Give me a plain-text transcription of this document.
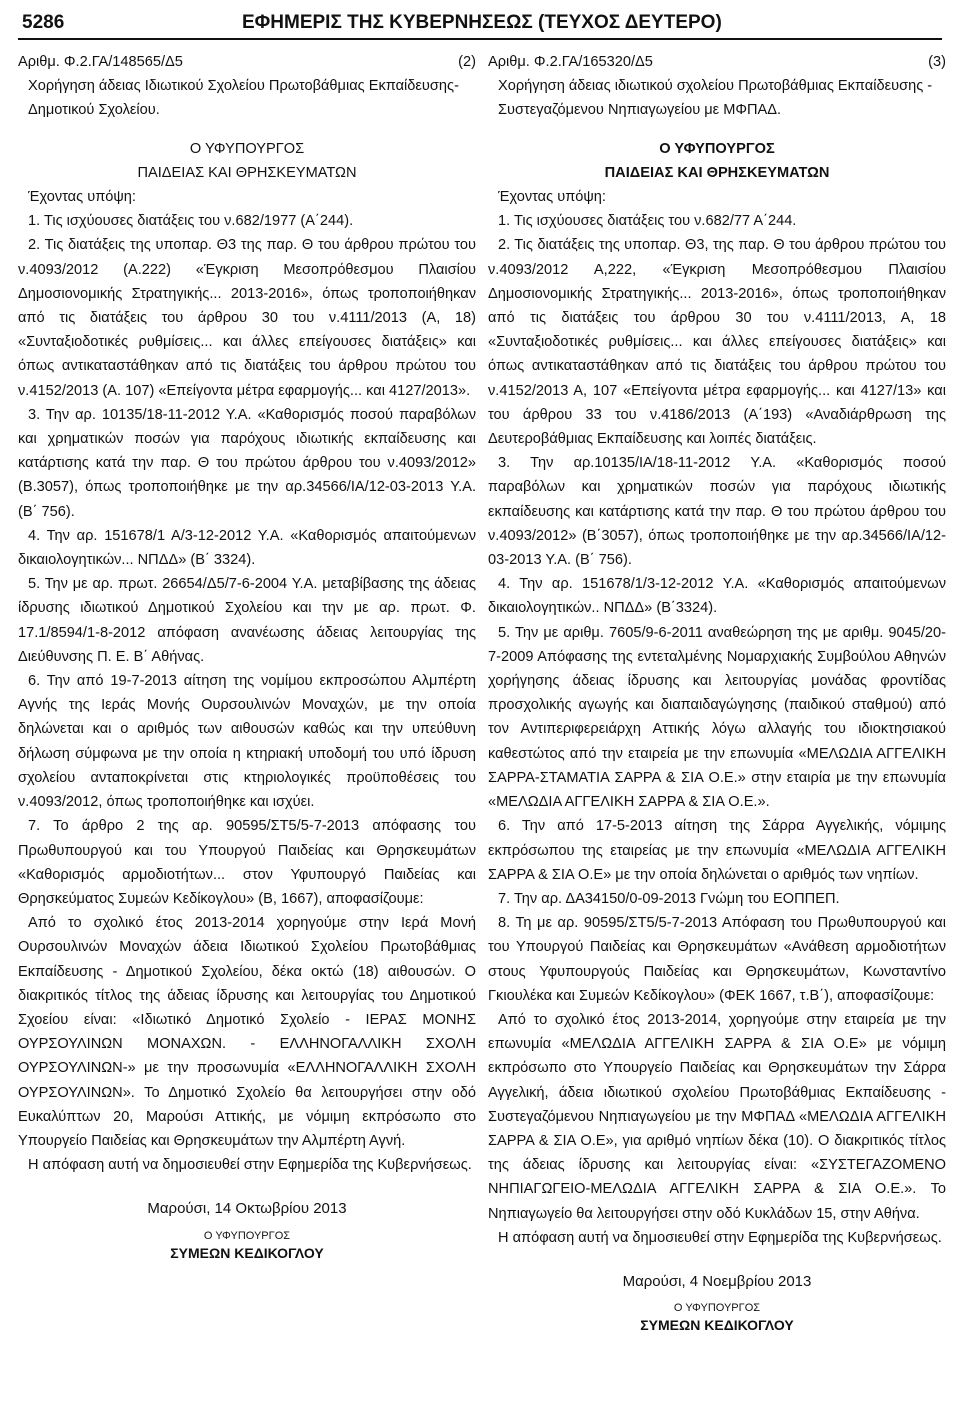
5286	ΕΦΗΜΕΡΙΣ ΤΗΣ ΚΥΒΕΡΝΗΣΕΩΣ (ΤΕΥΧΟΣ ΔΕΥΤΕΡΟ)
Αριθμ. Φ.2.ΓΑ/148565/Δ5	(2)

Χορήγηση άδειας Ιδιωτικού Σχολείου Πρωτοβάθμιας Εκπαίδευσης- Δημοτικού Σχολείου.

Ο ΥΦΥΠΟΥΡΓΟΣ

ΠΑΙΔΕΙΑΣ ΚΑΙ ΘΡΗΣΚΕΥΜΑΤΩΝ

Έχοντας υπόψη:

1. Τις ισχύουσες διατάξεις του ν.682/1977 (Α΄244).

2. Τις διατάξεις της υποπαρ. Θ3 της παρ. Θ του άρθρου πρώτου του ν.4093/2012 (Α.222) «Έγκριση Μεσοπρόθεσμου Πλαισίου Δημοσιονομικής Στρατηγικής... 2013-2016», όπως τροποποιήθηκαν από τις διατάξεις του άρθρου 30 του ν.4111/2013 (Α, 18) «Συνταξιοδοτικές ρυθμίσεις... και άλλες επείγουσες διατάξεις» και όπως αντικαταστάθηκαν από τις διατάξεις του άρθρου πρώτου του ν.4152/2013 (Α. 107) «Επείγοντα μέτρα εφαρμογής... και 4127/2013».

3. Την αρ. 10135/18-11-2012 Υ.Α. «Καθορισμός ποσού παραβόλων και χρηματικών ποσών για παρόχους ιδιωτικής εκπαίδευσης και κατάρτισης κατά την παρ. Θ του πρώτου άρθρου του ν.4093/2012» (Β.3057), όπως τροποποιήθηκε με την αρ.34566/ΙΑ/12-03-2013 Υ.Α. (Β΄ 756).

4. Την αρ. 151678/1 Α/3-12-2012 Υ.Α. «Καθορισμός απαιτούμενων δικαιολογητικών... ΝΠΔΔ» (Β΄ 3324).

5. Την με αρ. πρωτ. 26654/Δ5/7-6-2004 Υ.Α. μεταβίβασης της άδειας ίδρυσης ιδιωτικού Δημοτικού Σχολείου και την με αρ. πρωτ. Φ. 17.1/8594/1-8-2012 απόφαση ανανέωσης άδειας λειτουργίας της Διεύθυνσης Π. Ε. Β΄ Αθήνας.

6. Την από 19-7-2013 αίτηση της νομίμου εκπροσώπου Αλμπέρτη Αγνής της Ιεράς Μονής Ουρσουλινών Μοναχών, με την οποία δηλώνεται και ο αριθμός των αιθουσών καθώς και την υπεύθυνη δήλωση σύμφωνα με την οποία η κτηριακή υποδομή του υπό ίδρυση σχολείου ανταποκρίνεται στις κτηριολογικές προϋποθέσεις του ν.4093/2012, όπως τροποποιήθηκε και ισχύει.

7. Το άρθρο 2 της αρ. 90595/ΣΤ5/5-7-2013 απόφασης του Πρωθυπουργού και του Υπουργού Παιδείας και Θρησκευμάτων «Καθορισμός αρμοδιοτήτων... στον Υφυπουργό Παιδείας και Θρησκεύματος Συμεών Κεδίκογλου» (Β, 1667), αποφασίζουμε:

Από το σχολικό έτος 2013-2014 χορηγούμε στην Ιερά Μονή Ουρσουλινών Μοναχών άδεια Ιδιωτικού Σχολείου Πρωτοβάθμιας Εκπαίδευσης - Δημοτικού Σχολείου, δέκα οκτώ (18) αιθουσών. Ο διακριτικός τίτλος της άδειας ίδρυσης και λειτουργίας του Δημοτικού Σχοείου είναι: «Ιδιωτικό Δημοτικό Σχολείο - ΙΕΡΑΣ ΜΟΝΗΣ ΟΥΡΣΟΥΛΙΝΩΝ ΜΟΝΑΧΩΝ. - ΕΛΛΗΝΟΓΑΛΛΙΚΗ ΣΧΟΛΗ ΟΥΡΣΟΥΛΙΝΩΝ-» με την προσωνυμία «ΕΛΛΗΝΟΓΑΛΛΙΚΗ ΣΧΟΛΗ ΟΥΡΣΟΥΛΙΝΩΝ». Το Δημοτικό Σχολείο θα λειτουργήσει στην οδό Ευκαλύπτων 20, Μαρούσι Αττικής, με νόμιμη εκπρόσωπο στο Υπουργείο Παιδείας και Θρησκευμάτων την Αλμπέρτη Αγνή.

Η απόφαση αυτή να δημοσιευθεί στην Εφημερίδα της Κυβερνήσεως.

Μαρούσι, 14 Οκτωβρίου 2013
Ο ΥΦΥΠΟΥΡΓΟΣ
ΣΥΜΕΩΝ ΚΕΔΙΚΟΓΛΟΥ
Αριθμ. Φ.2.ΓΑ/165320/Δ5	(3)

Χορήγηση άδειας ιδιωτικού σχολείου Πρωτοβάθμιας Εκπαίδευσης - Συστεγαζόμενου Νηπιαγωγείου με ΜΦΠΑΔ.

Ο ΥΦΥΠΟΥΡΓΟΣ

ΠΑΙΔΕΙΑΣ ΚΑΙ ΘΡΗΣΚΕΥΜΑΤΩΝ

Έχοντας υπόψη:

1. Τις ισχύουσες διατάξεις του ν.682/77 Α΄244.

2. Τις διατάξεις της υποπαρ. Θ3, της παρ. Θ του άρθρου πρώτου του ν.4093/2012 Α,222, «Έγκριση Μεσοπρόθεσμου Πλαισίου Δημοσιονομικής Στρατηγικής... 2013-2016», όπως τροποποιήθηκαν από τις διατάξεις του άρθρου 30 του ν.4111/2013, Α, 18 «Συνταξιοδοτικές ρυθμίσεις... και άλλες επείγουσες διατάξεις» και όπως αντικαταστάθηκαν από τις διατάξεις του άρθρου πρώτου του ν.4152/2013 Α, 107 «Επείγοντα μέτρα εφαρμογής... και 4127/13» και του άρθρου 33 του ν.4186/2013 (Α΄193) «Αναδιάρθρωση της Δευτεροβάθμιας Εκπαίδευσης και λοιπές διατάξεις.

3. Την αρ.10135/ΙΑ/18-11-2012 Υ.Α. «Καθορισμός ποσού παραβόλων και χρηματικών ποσών για παρόχους ιδιωτικής εκπαίδευσης και κατάρτισης κατά την παρ. Θ του πρώτου άρθρου του ν.4093/2012» (Β΄3057), όπως τροποποιήθηκε με την αρ.34566/ΙΑ/12-03-2013 Υ.Α. (Β΄ 756).

4. Την αρ. 151678/1/3-12-2012 Υ.Α. «Καθορισμός απαιτούμενων δικαιολογητικών.. ΝΠΔΔ» (Β΄3324).

5. Την με αριθμ. 7605/9-6-2011 αναθεώρηση της με αριθμ. 9045/20-7-2009 Απόφασης της εντεταλμένης Νομαρχιακής Συμβούλου Αθηνών χορήγησης άδειας ίδρυσης και λειτουργίας μονάδας φροντίδας προσχολικής αγωγής και διαπαιδαγώγησης (παιδικού σταθμού) από τον Αντιπεριφερειάρχη Αττικής λόγω αλλαγής του ιδιοκτησιακού καθεστώτος από την εταιρεία με την επωνυμία «ΜΕΛΩΔΙΑ ΑΓΓΕΛΙΚΗ ΣΑΡΡΑ-ΣΤΑΜΑΤΙΑ ΣΑΡΡΑ & ΣΙΑ Ο.Ε.» στην εταιρία με την επωνυμία «ΜΕΛΩΔΙΑ ΑΓΓΕΛΙΚΗ ΣΑΡΡΑ & ΣΙΑ Ο.Ε.».

6. Την από 17-5-2013 αίτηση της Σάρρα Αγγελικής, νόμιμης εκπρόσωπου της εταιρείας με την επωνυμία «ΜΕΛΩΔΙΑ ΑΓΓΕΛΙΚΗ ΣΑΡΡΑ & ΣΙΑ Ο.Ε» με την οποία δηλώνεται ο αριθμός των νηπίων.

7. Την αρ. ΔΑ34150/0-09-2013 Γνώμη του ΕΟΠΠΕΠ.

8. Τη με αρ. 90595/ΣΤ5/5-7-2013 Απόφαση του Πρωθυπουργού και του Υπουργού Παιδείας και Θρησκευμάτων «Ανάθεση αρμοδιοτήτων στους Υφυπουργούς Παιδείας και Θρησκευμάτων, Κωνσταντίνο Γκιουλέκα και Συμεών Κεδίκογλου» (ΦΕΚ 1667, τ.Β΄), αποφασίζουμε:

Από το σχολικό έτος 2013-2014, χορηγούμε στην εταιρεία με την επωνυμία «ΜΕΛΩΔΙΑ ΑΓΓΕΛΙΚΗ ΣΑΡΡΑ & ΣΙΑ Ο.Ε» με νόμιμη εκπρόσωπο στο Υπουργείο Παιδείας και Θρησκευμάτων την Σάρρα Αγγελική, άδεια ιδιωτικού σχολείου Πρωτοβάθμιας Εκπαίδευσης - Συστεγαζόμενου Νηπιαγωγείου με την ΜΦΠΑΔ «ΜΕΛΩΔΙΑ ΑΓΓΕΛΙΚΗ ΣΑΡΡΑ & ΣΙΑ Ο.Ε», για αριθμό νηπίων δέκα (10). Ο διακριτικός τίτλος της άδειας ίδρυσης και λειτουργίας είναι: «ΣΥΣΤΕΓΑΖΟΜΕΝΟ ΝΗΠΙΑΓΩΓΕΙΟ-ΜΕΛΩΔΙΑ ΑΓΓΕΛΙΚΗ ΣΑΡΡΑ & ΣΙΑ Ο.Ε.». Το Νηπιαγωγείο θα λειτουργήσει στην οδό Κυκλάδων 15, στην Αθήνα.

Η απόφαση αυτή να δημοσιευθεί στην Εφημερίδα της Κυβερνήσεως.

Μαρούσι, 4 Νοεμβρίου 2013
Ο ΥΦΥΠΟΥΡΓΟΣ
ΣΥΜΕΩΝ ΚΕΔΙΚΟΓΛΟΥ
